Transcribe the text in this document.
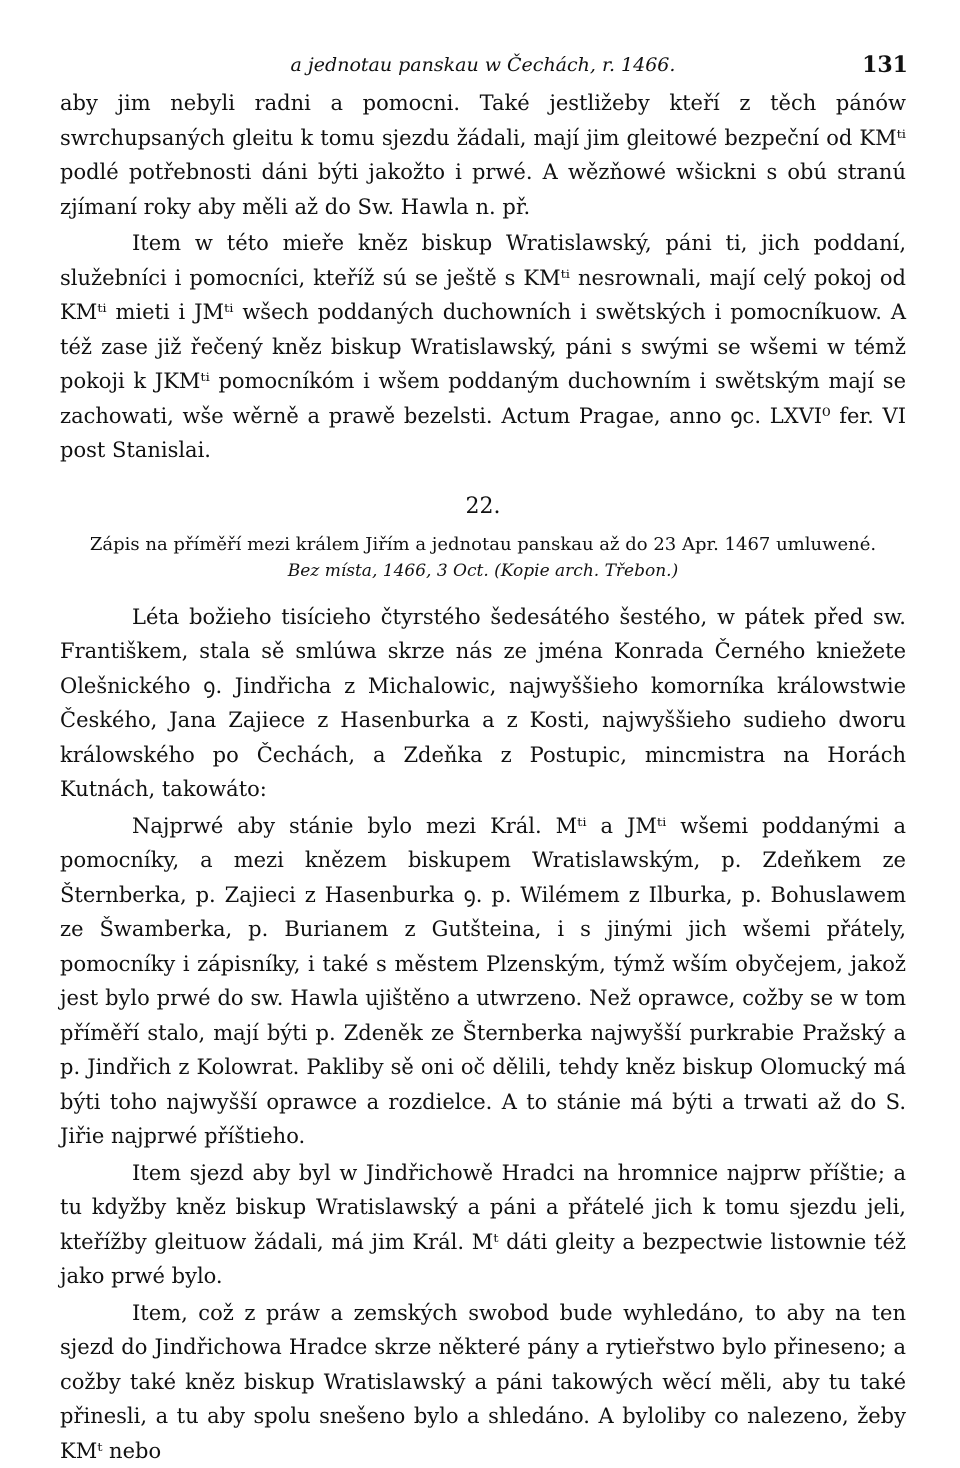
a jednotau panskau w Čechách, r. 1466.	131

aby jim nebyli radni a pomocni. Také jestližeby kteří z těch pánów swrchupsaných gleitu k tomu sjezdu žádali, mají jim gleitowé bezpeční od KMᵗⁱ podlé potřebnosti dáni býti jakožto i prwé. A wězňowé wšickni s obú stranú zjímaní roky aby měli až do Sw. Hawla n. př.

Item w této mieře kněz biskup Wratislawský, páni ti, jich poddaní, služebníci i pomocníci, kteříž sú se ještě s KMᵗⁱ nesrownali, mají celý pokoj od KMᵗⁱ mieti i JMᵗⁱ wšech poddaných duchowních i swětských i pomocníkuow. A též zase již řečený kněz biskup Wratislawský, páni s swými se wšemi w témž pokoji k JKMᵗⁱ pomocníkóm i wšem poddaným duchowním i swětským mají se zachowati, wše wěrně a prawě bezelsti. Actum Pragae, anno ꝯc. LXVI⁰ fer. VI post Stanislai.

22.

Zápis na příměří mezi králem Jiřím a jednotau panskau až do 23 Apr. 1467 umluwené.

Bez místa, 1466, 3 Oct. (Kopie arch. Třebon.)

Léta božieho tisícieho čtyrstého šedesátého šestého, w pátek před sw. Františkem, stala sě smlúwa skrze nás ze jména Konrada Černého kniežete Olešnického ꝯ. Jindřicha z Michalowic, najwyššieho komorníka králowstwie Českého, Jana Zajiece z Hasenburka a z Kosti, najwyššieho sudieho dworu králowského po Čechách, a Zdeňka z Postupic, mincmistra na Horách Kutnách, takowáto:

Najprwé aby stánie bylo mezi Král. Mᵗⁱ a JMᵗⁱ wšemi poddanými a pomocníky, a mezi knězem biskupem Wratislawským, p. Zdeňkem ze Šternberka, p. Zajieci z Hasenburka ꝯ. p. Wilémem z Ilburka, p. Bohuslawem ze Šwamberka, p. Burianem z Gutšteina, i s jinými jich wšemi přátely, pomocníky i zápisníky, i také s městem Plzenským, týmž wším obyčejem, jakož jest bylo prwé do sw. Hawla ujištěno a utwrzeno. Než oprawce, cožby se w tom příměří stalo, mají býti p. Zdeněk ze Šternberka najwyšší purkrabie Pražský a p. Jindřich z Kolowrat. Pakliby sě oni oč dělili, tehdy kněz biskup Olomucký má býti toho najwyšší oprawce a rozdielce. A to stánie má býti a trwati až do S. Jiřie najprwé příštieho.

Item sjezd aby byl w Jindřichowě Hradci na hromnice najprw příštie; a tu kdyžby kněz biskup Wratislawský a páni a přátelé jich k tomu sjezdu jeli, kteřížby gleituow žádali, má jim Král. Mᵗ dáti gleity a bezpectwie listownie též jako prwé bylo.

Item, což z práw a zemských swobod bude wyhledáno, to aby na ten sjezd do Jindřichowa Hradce skrze některé pány a rytieřstwo bylo přineseno; a cožby také kněz biskup Wratislawský a páni takowých wěcí měli, aby tu také přinesli, a tu aby spolu snešeno bylo a shledáno. A byloliby co nalezeno, žeby KMᵗ nebo
